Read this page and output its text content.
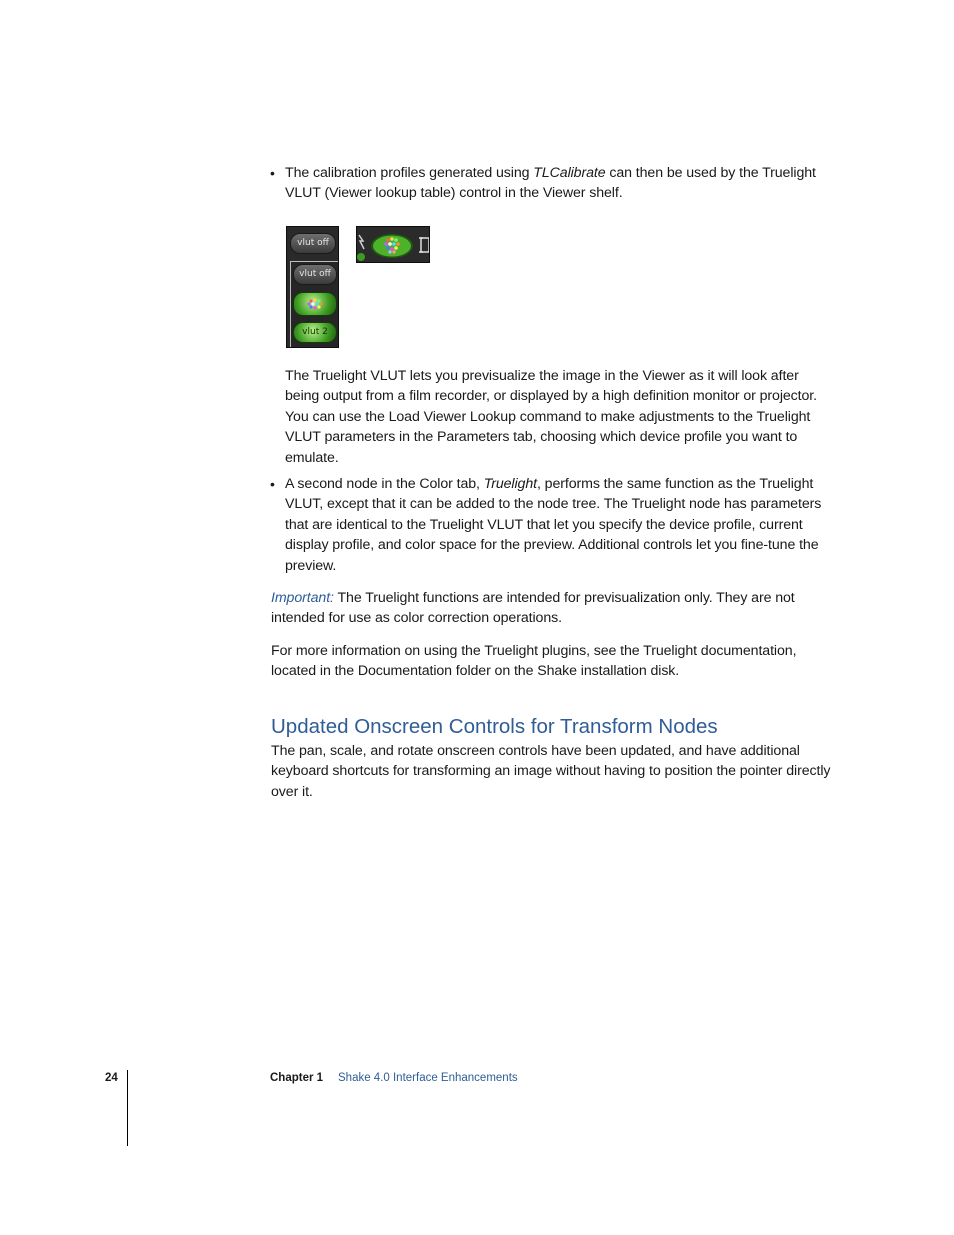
• The calibration profiles generated using TLCalibrate can then be used by the Truelight VLUT (Viewer lookup table) control in the Viewer shelf.

vlut off
vlut off
vlut 2

The Truelight VLUT lets you previsualize the image in the Viewer as it will look after being output from a film recorder, or displayed by a high definition monitor or projector. You can use the Load Viewer Lookup command to make adjustments to the Truelight VLUT parameters in the Parameters tab, choosing which device profile you want to emulate.

• A second node in the Color tab, Truelight, performs the same function as the Truelight VLUT, except that it can be added to the node tree. The Truelight node has parameters that are identical to the Truelight VLUT that let you specify the device profile, current display profile, and color space for the preview. Additional controls let you fine-tune the preview.

Important: The Truelight functions are intended for previsualization only. They are not intended for use as color correction operations.

For more information on using the Truelight plugins, see the Truelight documentation, located in the Documentation folder on the Shake installation disk.

Updated Onscreen Controls for Transform Nodes

The pan, scale, and rotate onscreen controls have been updated, and have additional keyboard shortcuts for transforming an image without having to position the pointer directly over it.

24	Chapter 1 Shake 4.0 Interface Enhancements
